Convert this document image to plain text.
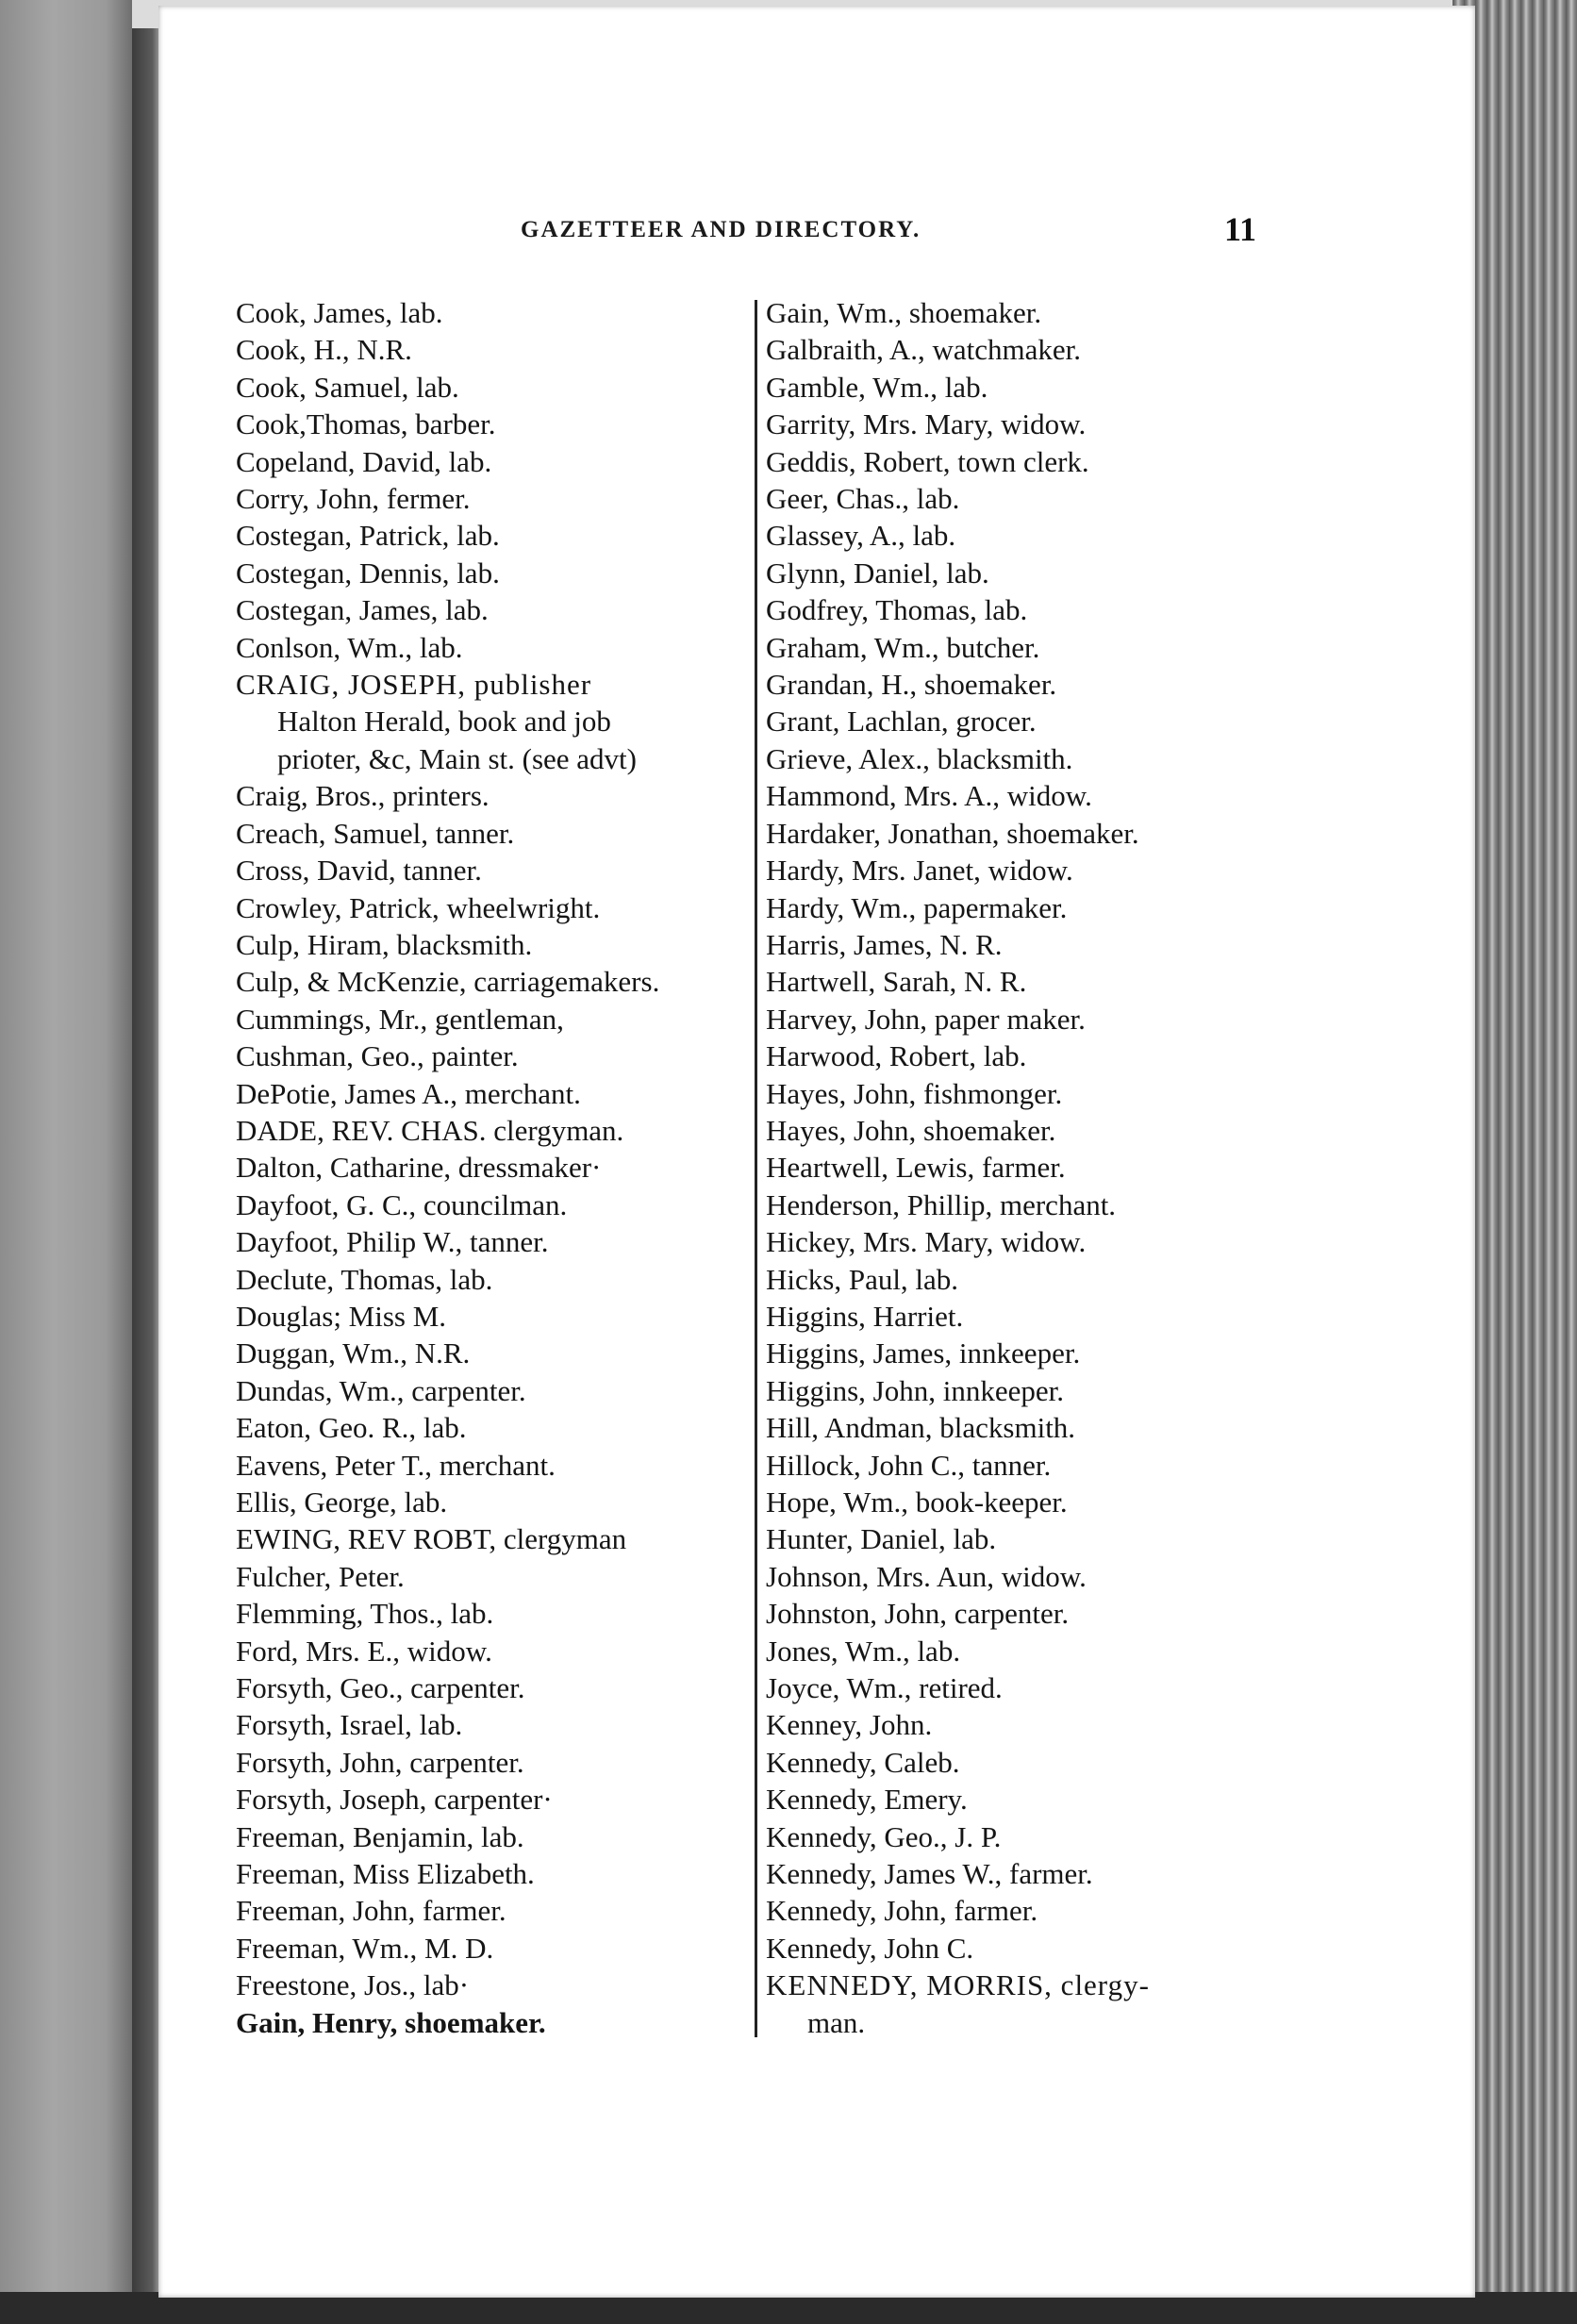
GAZETTEER AND DIRECTORY.	11
Cook, James, lab.
Cook, H., N.R.
Cook, Samuel, lab.
Cook,Thomas, barber.
Copeland, David, lab.
Corry, John, fermer.
Costegan, Patrick, lab.
Costegan, Dennis, lab.
Costegan, James, lab.
Conlson, Wm., lab.
CRAIG, JOSEPH, publisher
Halton Herald, book and job
prioter, &c, Main st. (see advt)
Craig, Bros., printers.
Creach, Samuel, tanner.
Cross, David, tanner.
Crowley, Patrick, wheelwright.
Culp, Hiram, blacksmith.
Culp, & McKenzie, carriagemakers.
Cummings, Mr., gentleman,
Cushman, Geo., painter.
DePotie, James A., merchant.
DADE, REV. CHAS. clergyman.
Dalton, Catharine, dressmaker·
Dayfoot, G. C., councilman.
Dayfoot, Philip W., tanner.
Declute, Thomas, lab.
Douglas; Miss M.
Duggan, Wm., N.R.
Dundas, Wm., carpenter.
Eaton, Geo. R., lab.
Eavens, Peter T., merchant.
Ellis, George, lab.
EWING, REV ROBT, clergyman
Fulcher, Peter.
Flemming, Thos., lab.
Ford, Mrs. E., widow.
Forsyth, Geo., carpenter.
Forsyth, Israel, lab.
Forsyth, John, carpenter.
Forsyth, Joseph, carpenter·
Freeman, Benjamin, lab.
Freeman, Miss Elizabeth.
Freeman, John, farmer.
Freeman, Wm., M. D.
Freestone, Jos., lab·
Gain, Henry, shoemaker.
Gain, Wm., shoemaker.
Galbraith, A., watchmaker.
Gamble, Wm., lab.
Garrity, Mrs. Mary, widow.
Geddis, Robert, town clerk.
Geer, Chas., lab.
Glassey, A., lab.
Glynn, Daniel, lab.
Godfrey, Thomas, lab.
Graham, Wm., butcher.
Grandan, H., shoemaker.
Grant, Lachlan, grocer.
Grieve, Alex., blacksmith.
Hammond, Mrs. A., widow.
Hardaker, Jonathan, shoemaker.
Hardy, Mrs. Janet, widow.
Hardy, Wm., papermaker.
Harris, James, N. R.
Hartwell, Sarah, N. R.
Harvey, John, paper maker.
Harwood, Robert, lab.
Hayes, John, fishmonger.
Hayes, John, shoemaker.
Heartwell, Lewis, farmer.
Henderson, Phillip, merchant.
Hickey, Mrs. Mary, widow.
Hicks, Paul, lab.
Higgins, Harriet.
Higgins, James, innkeeper.
Higgins, John, innkeeper.
Hill, Andman, blacksmith.
Hillock, John C., tanner.
Hope, Wm., book-keeper.
Hunter, Daniel, lab.
Johnson, Mrs. Aun, widow.
Johnston, John, carpenter.
Jones, Wm., lab.
Joyce, Wm., retired.
Kenney, John.
Kennedy, Caleb.
Kennedy, Emery.
Kennedy, Geo., J. P.
Kennedy, James W., farmer.
Kennedy, John, farmer.
Kennedy, John C.
KENNEDY, MORRIS, clergy-
man.
